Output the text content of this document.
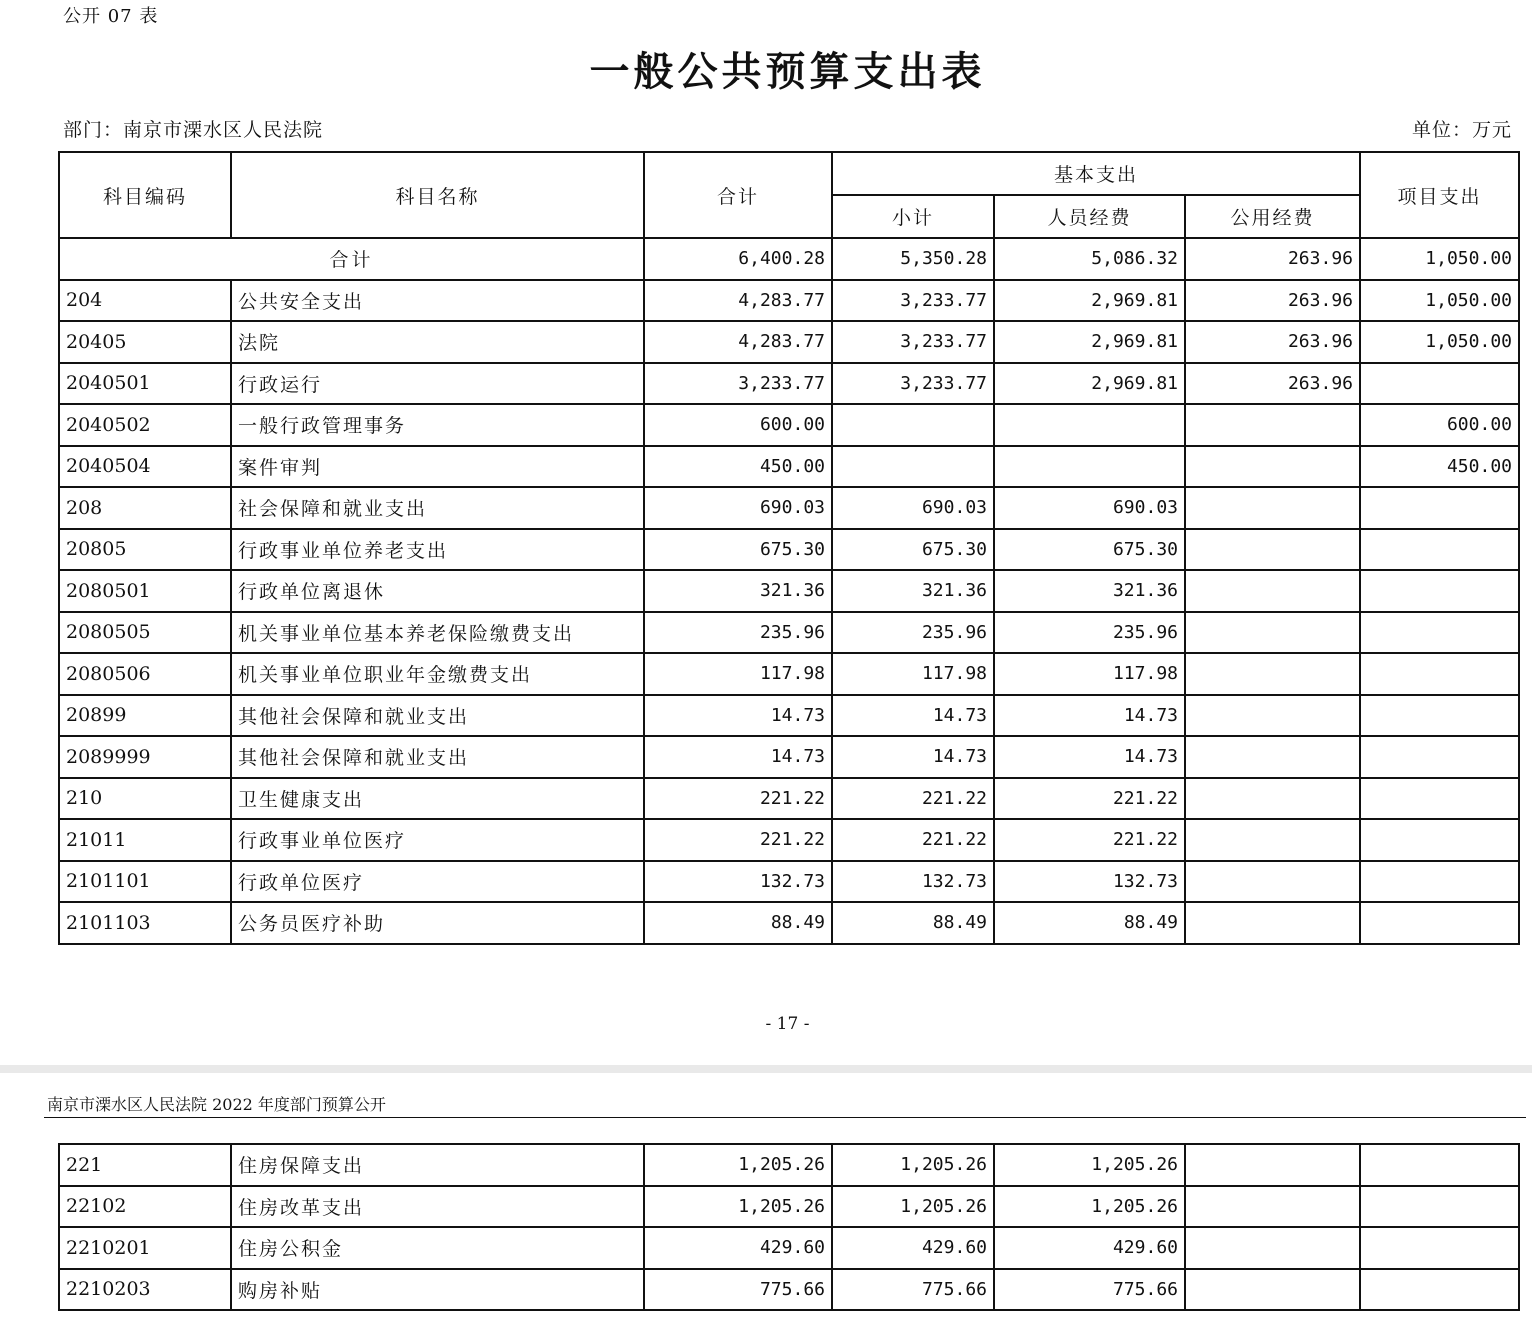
公开 07 表
一般公共预算支出表
部门：南京市溧水区人民法院	单位：万元
科目编码	科目名称	合计	基本支出			项目支出
			小计	人员经费	公用经费	
合计		6,400.28	5,350.28	5,086.32	263.96	1,050.00
204	公共安全支出	4,283.77	3,233.77	2,969.81	263.96	1,050.00
20405	法院	4,283.77	3,233.77	2,969.81	263.96	1,050.00
2040501	行政运行	3,233.77	3,233.77	2,969.81	263.96	
2040502	一般行政管理事务	600.00				600.00
2040504	案件审判	450.00				450.00
208	社会保障和就业支出	690.03	690.03	690.03		
20805	行政事业单位养老支出	675.30	675.30	675.30		
2080501	行政单位离退休	321.36	321.36	321.36		
2080505	机关事业单位基本养老保险缴费支出	235.96	235.96	235.96		
2080506	机关事业单位职业年金缴费支出	117.98	117.98	117.98		
20899	其他社会保障和就业支出	14.73	14.73	14.73		
2089999	其他社会保障和就业支出	14.73	14.73	14.73		
210	卫生健康支出	221.22	221.22	221.22		
21011	行政事业单位医疗	221.22	221.22	221.22		
2101101	行政单位医疗	132.73	132.73	132.73		
2101103	公务员医疗补助	88.49	88.49	88.49		
- 17 -
南京市溧水区人民法院 2022 年度部门预算公开
221	住房保障支出	1,205.26	1,205.26	1,205.26		
22102	住房改革支出	1,205.26	1,205.26	1,205.26		
2210201	住房公积金	429.60	429.60	429.60		
2210203	购房补贴	775.66	775.66	775.66		
